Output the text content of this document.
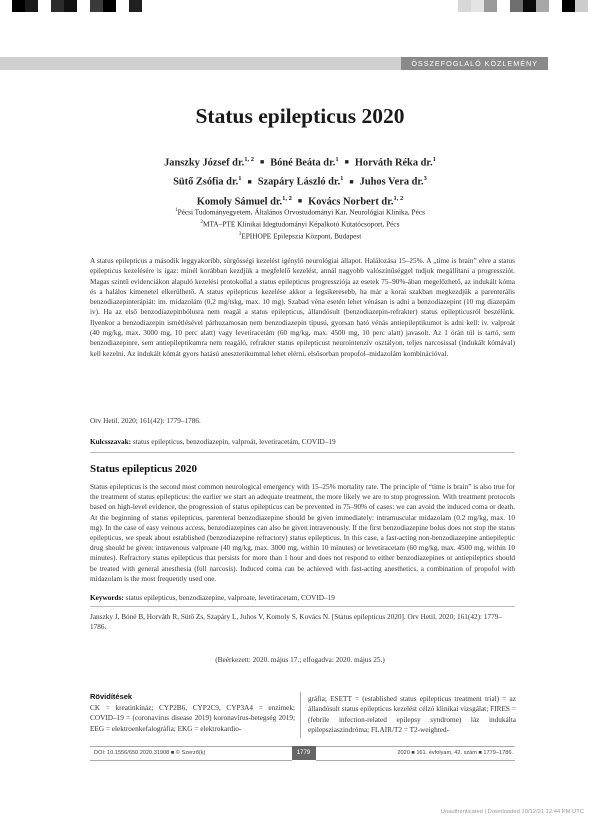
ÖSSZEFOGLALÓ KÖZLEMÉNY
Status epilepticus 2020
Janszky József dr.$^{1, 2}$ ■ Bóné Beáta dr.$^1$ ■ Horváth Réka dr.$^1$
Sütő Zsófia dr.$^1$ ■ Szapáry László dr.$^1$ ■ Juhos Vera dr.$^3$
Komoly Sámuel dr.$^{1, 2}$ ■ Kovács Norbert dr.$^{1, 2}$
$^1$Pécsi Tudományegyetem, Általános Orvostudományi Kar, Neurológiai Klinika, Pécs
$^2$MTA–PTE Klinikai Idegtudományi Képalkotó Kutatócsoport, Pécs
$^3$EPIHOPE Epilepszia Központ, Budapest
A status epilepticus a második leggyakoribb, sürgősségi kezelést igénylő neurológiai állapot. Halálozása 15–25%. A „time is brain” elve a status epilepticus kezelésére is igaz: minél korábban kezdjük a megfelelő kezelést, annál nagyobb valószínűséggel tudjuk megállítani a progressziót. Magas szintű evidenciákon alapuló kezelési protokollal a status epilepticus progressziója az esetek 75–90%-ában megelőzhető, az indukált kóma és a halálos kimenetel elkerülhető. A status epilepticus kezelése akkor a legsikeresebb, ha már a korai szakban megkezdjük a parenterális benzodiazepinterápiát: im. midazolám (0,2 mg/tskg, max. 10 mg). Szabad véna esetén lehet vénásan is adni a benzodiazepint (10 mg diazepám iv). Ha az első benzodiazepinbólusra nem reagál a status epilepticus, állandósult (benzodiazepin-refrakter) status epilepticusról beszélünk. Ilyenkor a benzodiazepin ismétlésével párhuzamosan nem benzodiazepin típusú, gyorsan ható vénás antiepileptikumot is adni kell: iv. valproát (40 mg/kg, max. 3000 mg, 10 perc alatt) vagy levetiracetám (60 mg/kg, max. 4500 mg, 10 perc alatt) javasolt. Az 1 órán túl is tartó, sem benzodiazepinre, sem antiepileptikumra nem reagáló, refrakter status epilepticust neurointenzív osztályon, teljes narcosissal (indukált kómával) kell kezelni. Az indukált kómát gyors hatású anesztetikummal lehet elérni, elsősorban propofol–midazolám kombinációval.
Orv Hetil. 2020; 161(42): 1779–1786.
Kulcsszavak: status epilepticus, benzodiazepin, valproát, levetiracetám, COVID–19
Status epilepticus 2020
Status epilepticus is the second most common neurological emergency with 15–25% mortality rate. The principle of “time is brain” is also true for the treatment of status epilepticus: the earlier we start an adequate treatment, the more likely we are to stop progression. With treatment protocols based on high-level evidence, the progression of status epilepticus can be prevented in 75–90% of cases: we can avoid the induced coma or death. At the beginning of status epilepticus, parenteral benzodiazepine should be given immediately: intramuscular midazolam (0.2 mg/kg, max. 10 mg). In the case of easy veinous access, benzodiazepines can also be given intravenously. If the first benzodiazepine bolus does not stop the status epilepticus, we speak about established (benzodiazepine refractory) status epilepticus. In this case, a fast-acting non-benzodiazepine antiepileptic drug should be given: intravenous valproate (40 mg/kg, max. 3000 mg, within 10 minutes) or levetiracetam (60 mg/kg, max. 4500 mg, within 10 minutes). Refractory status epilepticus that persists for more than 1 hour and does not respond to either benzodiazepines or antiepileptics should be treated with general anesthesia (full narcosis). Induced coma can be achieved with fast-acting anesthetics, a combination of propofol with midazolam is the most frequently used one.
Keywords: status epilepticus, benzodiazepine, valproate, levetiracetam, COVID–19
Janszky J, Bóné B, Horváth R, Sütő Zs, Szapáry L, Juhos V, Komoly S, Kovács N. [Status epilepticus 2020]. Orv Hetil. 2020; 161(42): 1779–1786.
(Beérkezett: 2020. május 17.; elfogadva: 2020. május 25.)
Rövidítések
CK = kreatinkináz; CYP2B6, CYP2C9, CYP3A4 = enzimek; COVID–19 = (coronavirus disease 2019) koronavírus-betegség 2019; EEG = elektroenkefalográfia; EKG = elektrokardio-
gráfia; ESETT = (established status epilepticus treatment trial) = az állandósult status epilepticus kezelést célzó klinikai vizsgálat; FIRES = (febrile infection-related epilepsy syndrome) láz indukálta epilepsziaszindróma; FLAIR/T2 = T2-weighted-
DOI: 10.1556/650.2020.31908 ■ © Szerző(k)	1779	2020 ■ 161. évfolyam, 42. szám ■ 1779–1786.
Unauthenticated | Downloaded 10/12/21 12:44 PM UTC
